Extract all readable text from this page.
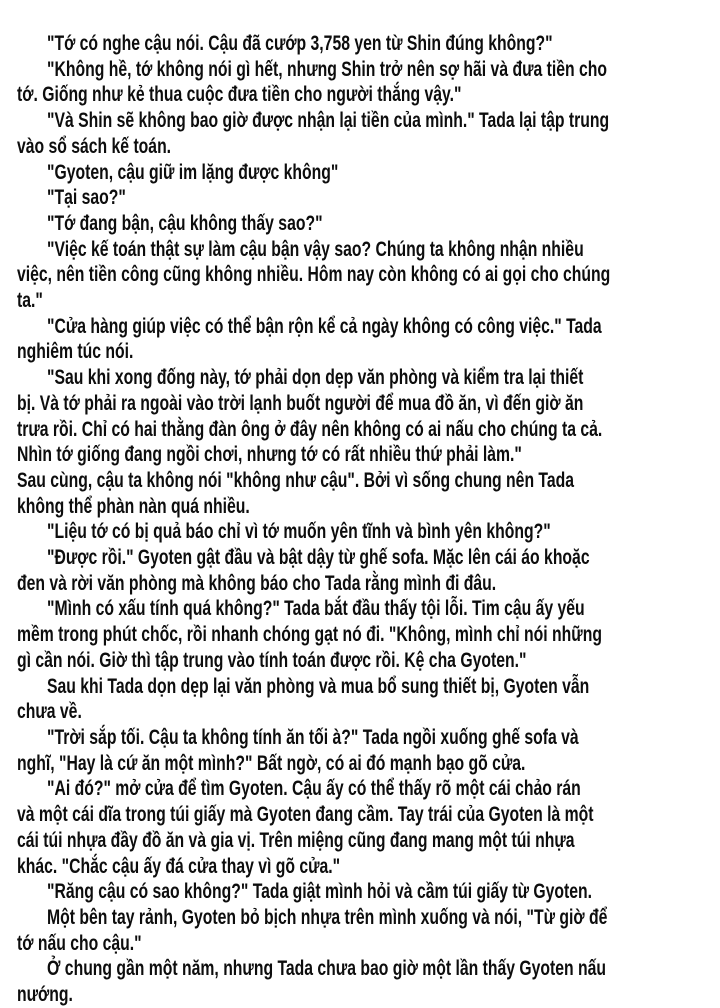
"Tớ có nghe cậu nói. Cậu đã cướp 3,758 yen từ Shin đúng không?"
"Không hề, tớ không nói gì hết, nhưng Shin trở nên sợ hãi và đưa tiền cho
tớ. Giống như kẻ thua cuộc đưa tiền cho người thắng vậy."
"Và Shin sẽ không bao giờ được nhận lại tiền của mình." Tada lại tập trung
vào sổ sách kế toán.
"Gyoten, cậu giữ im lặng được không"
"Tại sao?"
"Tớ đang bận, cậu không thấy sao?"
"Việc kế toán thật sự làm cậu bận vậy sao? Chúng ta không nhận nhiều
việc, nên tiền công cũng không nhiều. Hôm nay còn không có ai gọi cho chúng
ta."
"Cửa hàng giúp việc có thể bận rộn kể cả ngày không có công việc." Tada
nghiêm túc nói.
"Sau khi xong đống này, tớ phải dọn dẹp văn phòng và kiểm tra lại thiết
bị. Và tớ phải ra ngoài vào trời lạnh buốt người để mua đồ ăn, vì đến giờ ăn
trưa rồi. Chỉ có hai thằng đàn ông ở đây nên không có ai nấu cho chúng ta cả.
Nhìn tớ giống đang ngồi chơi, nhưng tớ có rất nhiều thứ phải làm."
Sau cùng, cậu ta không nói "không như cậu". Bởi vì sống chung nên Tada
không thể phàn nàn quá nhiều.
"Liệu tớ có bị quả báo chỉ vì tớ muốn yên tĩnh và bình yên không?"
"Được rồi." Gyoten gật đầu và bật dậy từ ghế sofa. Mặc lên cái áo khoặc
đen và rời văn phòng mà không báo cho Tada rằng mình đi đâu.
"Mình có xấu tính quá không?" Tada bắt đầu thấy tội lỗi. Tim cậu ấy yếu
mềm trong phút chốc, rồi nhanh chóng gạt nó đi. "Không, mình chỉ nói những
gì cần nói. Giờ thì tập trung vào tính toán được rồi. Kệ cha Gyoten."
Sau khi Tada dọn dẹp lại văn phòng và mua bổ sung thiết bị, Gyoten vẫn
chưa về.
"Trời sắp tối. Cậu ta không tính ăn tối à?" Tada ngồi xuống ghế sofa và
nghĩ, "Hay là cứ ăn một mình?" Bất ngờ, có ai đó mạnh bạo gõ cửa.
"Ai đó?" mở cửa để tìm Gyoten. Cậu ấy có thể thấy rõ một cái chảo rán
và một cái dĩa trong túi giấy mà Gyoten đang cầm. Tay trái của Gyoten là một
cái túi nhựa đầy đồ ăn và gia vị. Trên miệng cũng đang mang một túi nhựa
khác. "Chắc cậu ấy đá cửa thay vì gõ cửa."
"Răng cậu có sao không?" Tada giật mình hỏi và cầm túi giấy từ Gyoten.
Một bên tay rảnh, Gyoten bỏ bịch nhựa trên mình xuống và nói, "Từ giờ để
tớ nấu cho cậu."
Ở chung gần một năm, nhưng Tada chưa bao giờ một lần thấy Gyoten nấu
nướng.
